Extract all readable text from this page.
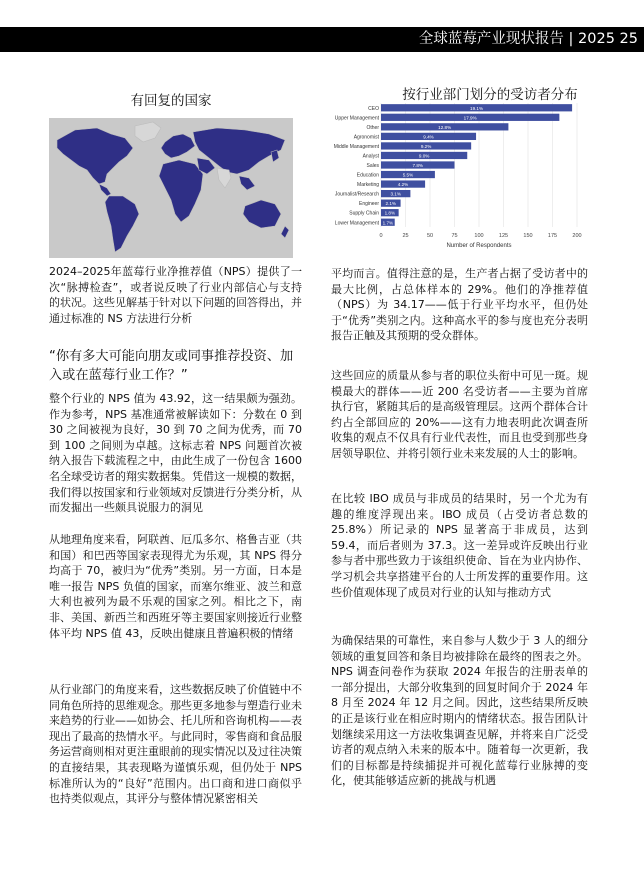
全球蓝莓产业现状报告 | 2025 25
有回复的国家	按行业部门划分的受访者分布
0	25	50	75	100	125	150	175	200
CEO	19.1%
Upper Management	17.9%
Other	12.8%
Agronomist	9.4%
Middle Management	9.2%
Analyst	9.0%
Sales	7.8%
Education	5.5%
Marketing	4.2%
Journalist/Research 3.1%
Engineer 2.1%
Supply Chain 1.8%
Lower Management 1.7%
Number of Respondents
2024–2025年蓝莓行业净推荐值（NPS）提供了一次“脉搏检查”，或者说反映了行业内部信心与支持的状况。这些见解基于针对以下问题的回答得出，并通过标准的 NS 方法进行分析
“你有多大可能向朋友或同事推荐投资、加入或在蓝莓行业工作？”
整个行业的 NPS 值为 43.92，这一结果颇为强劲。作为参考，NPS 基准通常被解读如下：分数在 0 到 30 之间被视为良好，30 到 70 之间为优秀，而 70 到 100 之间则为卓越。这标志着 NPS 问题首次被纳入报告下载流程之中，由此生成了一份包含 1600 名全球受访者的翔实数据集。凭借这一规模的数据，我们得以按国家和行业领域对反馈进行分类分析，从而发掘出一些颇具说服力的洞见
从地理角度来看，阿联酋、厄瓜多尔、格鲁吉亚（共和国）和巴西等国家表现得尤为乐观，其 NPS 得分均高于 70，被归为“优秀”类别。另一方面，日本是唯一报告 NPS 负值的国家，而塞尔维亚、波兰和意大利也被列为最不乐观的国家之列。相比之下，南非、美国、新西兰和西班牙等主要国家则接近行业整体平均 NPS 值 43，反映出健康且普遍积极的情绪
从行业部门的角度来看，这些数据反映了价值链中不同角色所持的思维观念。那些更多地参与塑造行业未来趋势的行业——如协会、托儿所和咨询机构——表现出了最高的热情水平。与此同时，零售商和食品服务运营商则相对更注重眼前的现实情况以及过往决策的直接结果，其表现略为谨慎乐观，但仍处于 NPS 标准所认为的“良好”范围内。出口商和进口商似乎也持类似观点，其评分与整体情况紧密相关
平均而言。值得注意的是，生产者占据了受访者中的最大比例，占总体样本的 29%。他们的净推荐值（NPS）为 34.17——低于行业平均水平，但仍处于“优秀”类别之内。这种高水平的参与度也充分表明报告正触及其预期的受众群体。
这些回应的质量从参与者的职位头衔中可见一斑。规模最大的群体——近 200 名受访者——主要为首席执行官，紧随其后的是高级管理层。这两个群体合计约占全部回应的 20%——这有力地表明此次调查所收集的观点不仅具有行业代表性，而且也受到那些身居领导职位、并将引领行业未来发展的人士的影响。
在比较 IBO 成员与非成员的结果时，另一个尤为有趣的维度浮现出来。IBO 成员（占受访者总数的 25.8%）所记录的 NPS 显著高于非成员，达到 59.4，而后者则为 37.3。这一差异或许反映出行业参与者中那些致力于该组织使命、旨在为业内协作、学习机会共享搭建平台的人士所发挥的重要作用。这些价值观体现了成员对行业的认知与推动方式
为确保结果的可靠性，来自参与人数少于 3 人的细分领域的重复回答和条目均被排除在最终的图表之外。NPS 调查问卷作为获取 2024 年报告的注册表单的一部分提出，大部分收集到的回复时间介于 2024 年 8 月至 2024 年 12 月之间。因此，这些结果所反映的正是该行业在相应时期内的情绪状态。报告团队计划继续采用这一方法收集调查见解，并将来自广泛受访者的观点纳入未来的版本中。随着每一次更新，我们的目标都是持续捕捉并可视化蓝莓行业脉搏的变化，使其能够适应新的挑战与机遇
